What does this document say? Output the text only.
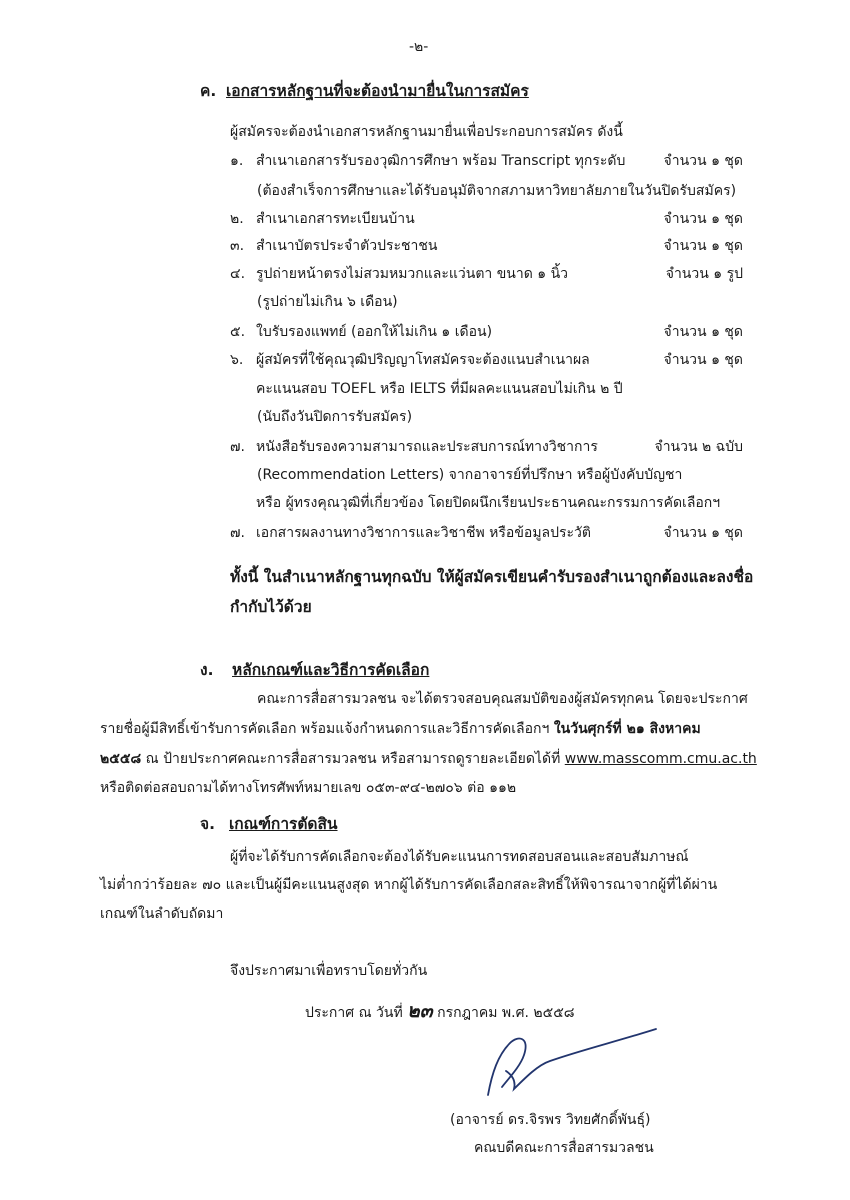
-๒-
ค. เอกสารหลักฐานที่จะต้องนำมายื่นในการสมัคร
ผู้สมัครจะต้องนำเอกสารหลักฐานมายื่นเพื่อประกอบการสมัคร ดังนี้
๑. สำเนาเอกสารรับรองวุฒิการศึกษา พร้อม Transcript ทุกระดับ
(ต้องสำเร็จการศึกษาและได้รับอนุมัติจากสภามหาวิทยาลัยภายในวันปิดรับสมัคร)
จำนวน ๑ ชุด
๒. สำเนาเอกสารทะเบียนบ้าน	จำนวน ๑ ชุด
๓. สำเนาบัตรประจำตัวประชาชน	จำนวน ๑ ชุด
๔. รูปถ่ายหน้าตรงไม่สวมหมวกและแว่นตา ขนาด ๑ นิ้ว
(รูปถ่ายไม่เกิน ๖ เดือน)
จำนวน ๑ รูป
๕. ใบรับรองแพทย์ (ออกให้ไม่เกิน ๑ เดือน)	จำนวน ๑ ชุด
๖. ผู้สมัครที่ใช้คุณวุฒิปริญญาโทสมัครจะต้องแนบสำเนาผล
คะแนนสอบ TOEFL หรือ IELTS ที่มีผลคะแนนสอบไม่เกิน ๒ ปี
(นับถึงวันปิดการรับสมัคร)
จำนวน ๑ ชุด
๗. หนังสือรับรองความสามารถและประสบการณ์ทางวิชาการ
(Recommendation Letters) จากอาจารย์ที่ปรึกษา หรือผู้บังคับบัญชา
หรือ ผู้ทรงคุณวุฒิที่เกี่ยวข้อง โดยปิดผนึกเรียนประธานคณะกรรมการคัดเลือกฯ
จำนวน ๒ ฉบับ
๗. เอกสารผลงานทางวิชาการและวิชาชีพ หรือข้อมูลประวัติ	จำนวน ๑ ชุด
ทั้งนี้ ในสำเนาหลักฐานทุกฉบับ ให้ผู้สมัครเขียนคำรับรองสำเนาถูกต้องและลงชื่อ
กำกับไว้ด้วย
ง. หลักเกณฑ์และวิธีการคัดเลือก
คณะการสื่อสารมวลชน จะได้ตรวจสอบคุณสมบัติของผู้สมัครทุกคน โดยจะประกาศ
รายชื่อผู้มีสิทธิ์เข้ารับการคัดเลือก พร้อมแจ้งกำหนดการและวิธีการคัดเลือกฯ ในวันศุกร์ที่ ๒๑ สิงหาคม
๒๕๕๘ ณ ป้ายประกาศคณะการสื่อสารมวลชน หรือสามารถดูรายละเอียดได้ที่ www.masscomm.cmu.ac.th
หรือติดต่อสอบถามได้ทางโทรศัพท์หมายเลข ๐๕๓-๙๔-๒๗๐๖ ต่อ ๑๑๒
จ. เกณฑ์การตัดสิน
ผู้ที่จะได้รับการคัดเลือกจะต้องได้รับคะแนนการทดสอบสอนและสอบสัมภาษณ์
ไม่ต่ำกว่าร้อยละ ๗๐ และเป็นผู้มีคะแนนสูงสุด หากผู้ได้รับการคัดเลือกสละสิทธิ์ให้พิจารณาจากผู้ที่ได้ผ่าน
เกณฑ์ในลำดับถัดมา
จึงประกาศมาเพื่อทราบโดยทั่วกัน
ประกาศ ณ วันที่ ๒๓ กรกฎาคม พ.ศ. ๒๕๕๘
(อาจารย์ ดร.จิรพร วิทยศักดิ์พันธุ์)
คณบดีคณะการสื่อสารมวลชน
